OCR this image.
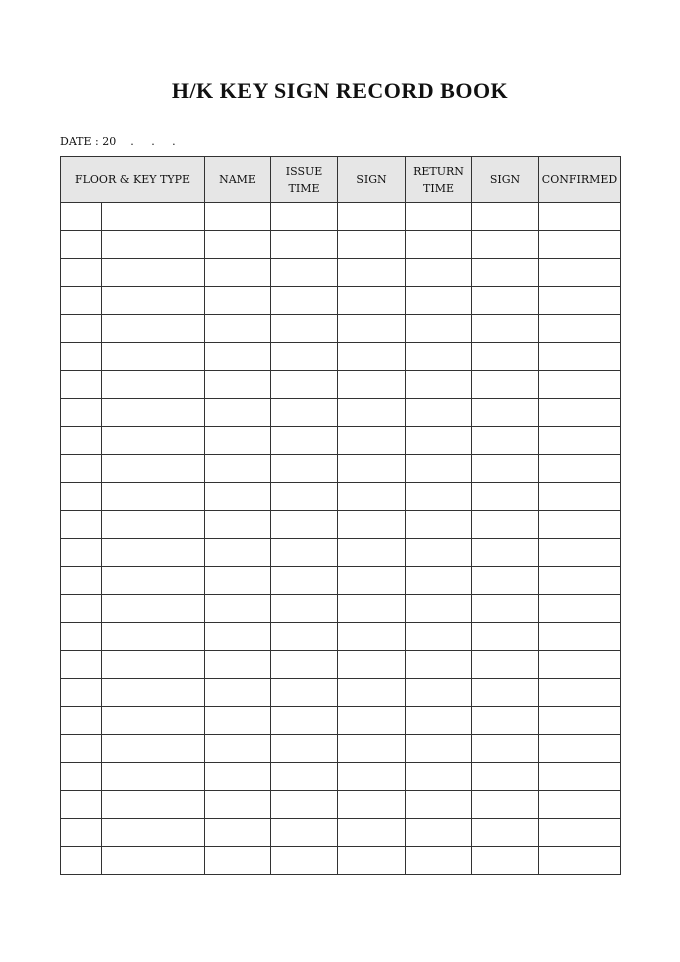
H/K KEY SIGN RECORD BOOK
DATE : 20    .     .     .
FLOOR & KEY TYPE		NAME	ISSUE TIME	SIGN	RETURN TIME	SIGN	CONFIRMED
